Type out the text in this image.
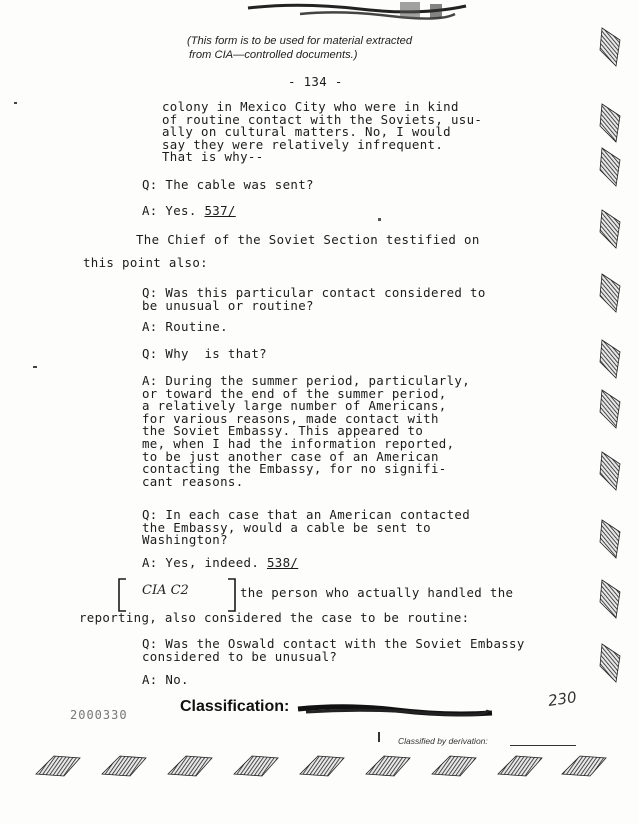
(This form is to be used for material extracted
from CIA—controlled documents.)
- 134 -
colony in Mexico City who were in kind
of routine contact with the Soviets, usu-
ally on cultural matters. No, I would
say they were relatively infrequent.
That is why--
Q: The cable was sent?
A: Yes. 537/
The Chief of the Soviet Section testified on
this point also:
Q: Was this particular contact considered to
be unusual or routine?
A: Routine.
Q: Why  is that?
A: During the summer period, particularly,
or toward the end of the summer period,
a relatively large number of Americans,
for various reasons, made contact with
the Soviet Embassy. This appeared to
me, when I had the information reported,
to be just another case of an American
contacting the Embassy, for no signifi-
cant reasons.
Q: In each case that an American contacted
the Embassy, would a cable be sent to
Washington?
A: Yes, indeed. 538/
CIA C2	the person who actually handled the
reporting, also considered the case to be routine:
Q: Was the Oswald contact with the Soviet Embassy
considered to be unusual?
A: No.
2000330	Classification:	230
Classified by derivation:
